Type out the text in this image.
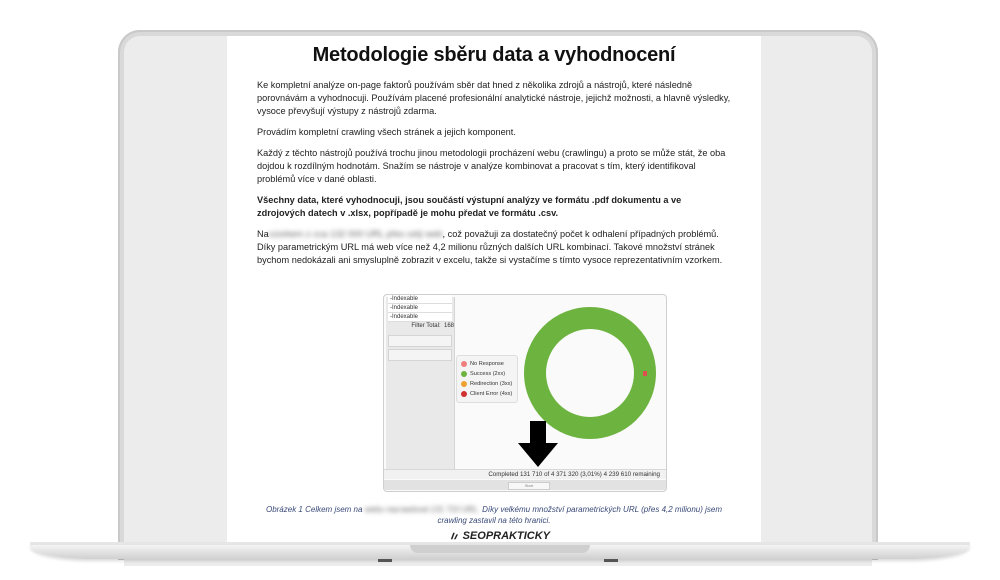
Metodologie sběru data a vyhodnocení

Ke kompletní analýze on-page faktorů používám sběr dat hned z několika zdrojů a nástrojů, které následně porovnávám a vyhodnocuji. Používám placené profesionální analytické nástroje, jejichž možnosti, a hlavně výsledky, vysoce převyšují výstupy z nástrojů zdarma.

Provádím kompletní crawling všech stránek a jejich komponent.

Každý z těchto nástrojů používá trochu jinou metodologii procházení webu (crawlingu) a proto se může stát, že oba dojdou k rozdílným hodnotám. Snažím se nástroje v analýze kombinovat a pracovat s tím, který identifikoval problémů více v dané oblasti.

Všechny data, které vyhodnocuji, jsou součástí výstupní analýzy ve formátu .pdf dokumentu a ve zdrojových datech v .xlsx, popřípadě je mohu předat ve formátu .csv.

Navzorkem z cca 132 000 URL přes celý web, což považuji za dostatečný počet k odhalení případných problémů. Díky parametrickým URL má web více než 4,2 milionu různých dalších URL kombinací. Takové množství stránek bychom nedokázali ani smysluplně zobrazit v excelu, takže si vystačíme s tímto vysoce reprezentativním vzorkem.

-Indexable
-Indexable
-Indexable
Filter Total: 168
No Response
Success (2xx)
Redirection (3xx)
Client Error (4xx)
Completed 131 710 of 4 371 320 (3,01%) 4 239 610 remaining
Start
Obrázek 1 Celkem jsem na webu nacrawloval 131 710 URL. Díky velkému množství parametrických URL (přes 4,2 milionu) jsem crawling zastavil na této hranici.
SEOPRAKTICKY
